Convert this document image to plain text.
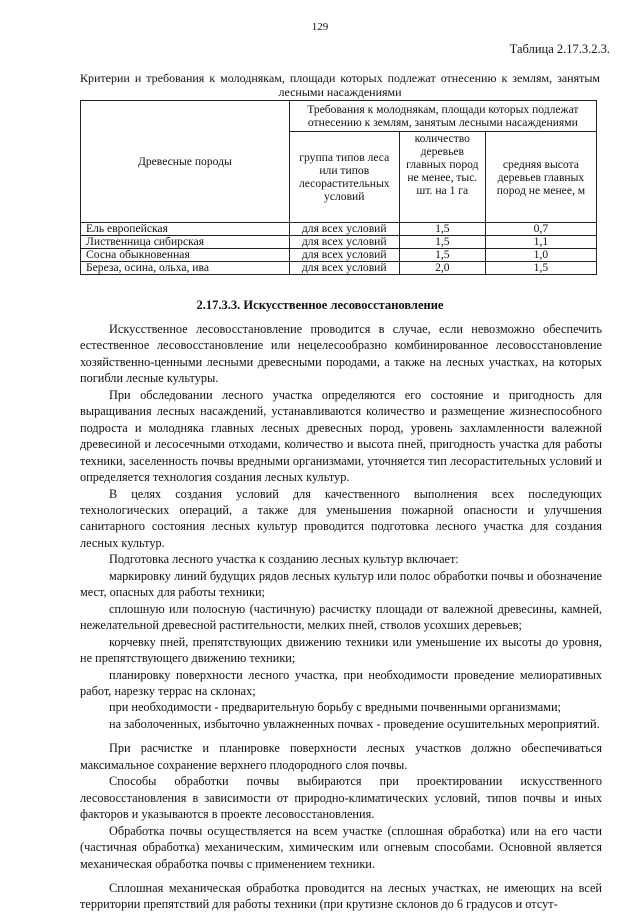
129
Таблица 2.17.3.2.3.
Критерии и требования к молоднякам, площади которых подлежат отнесению к землям, занятым лесными насаждениями
Древесные породы	Требования к молоднякам, площади которых подлежат отнесению к землям, занятым лесными насаждениями		
	группа типов леса или типов лесорастительных условий	количество деревьев главных пород не менее, тыс. шт. на 1 га	средняя высота деревьев главных пород не менее, м
Ель европейская	для всех условий	1,5	0,7
Лиственница сибирская	для всех условий	1,5	1,1
Сосна обыкновенная	для всех условий	1,5	1,0
Береза, осина, ольха, ива	для всех условий	2,0	1,5
2.17.3.3. Искусственное лесовосстановление

Искусственное лесовосстановление проводится в случае, если невозможно обеспечить естественное лесовосстановление или нецелесообразно комбинированное лесовосстановление хозяйственно-ценными лесными древесными породами, а также на лесных участках, на которых погибли лесные культуры.

При обследовании лесного участка определяются его состояние и пригодность для выращивания лесных насаждений, устанавливаются количество и размещение жизнеспособного подроста и молодняка главных лесных древесных пород, уровень захламленности валежной древесиной и лесосечными отходами, количество и высота пней, пригодность участка для работы техники, заселенность почвы вредными организмами, уточняется тип лесорастительных условий и определяется технология создания лесных культур.

В целях создания условий для качественного выполнения всех последующих технологических операций, а также для уменьшения пожарной опасности и улучшения санитарного состояния лесных культур проводится подготовка лесного участка для создания лесных культур.

Подготовка лесного участка к созданию лесных культур включает:

маркировку линий будущих рядов лесных культур или полос обработки почвы и обозначение мест, опасных для работы техники;

сплошную или полосную (частичную) расчистку площади от валежной древесины, камней, нежелательной древесной растительности, мелких пней, стволов усохших деревьев;

корчевку пней, препятствующих движению техники или уменьшение их высоты до уровня, не препятствующего движению техники;

планировку поверхности лесного участка, при необходимости проведение мелиоративных работ, нарезку террас на склонах;

при необходимости - предварительную борьбу с вредными почвенными организмами;

на заболоченных, избыточно увлажненных почвах - проведение осушительных мероприятий.

При расчистке и планировке поверхности лесных участков должно обеспечиваться максимальное сохранение верхнего плодородного слоя почвы.

Способы обработки почвы выбираются при проектировании искусственного лесовосстановления в зависимости от природно-климатических условий, типов почвы и иных факторов и указываются в проекте лесовосстановления.

Обработка почвы осуществляется на всем участке (сплошная обработка) или на его части (частичная обработка) механическим, химическим или огневым способами. Основной является механическая обработка почвы с применением техники.

Сплошная механическая обработка проводится на лесных участках, не имеющих на всей территории препятствий для работы техники (при крутизне склонов до 6 градусов и отсут-
